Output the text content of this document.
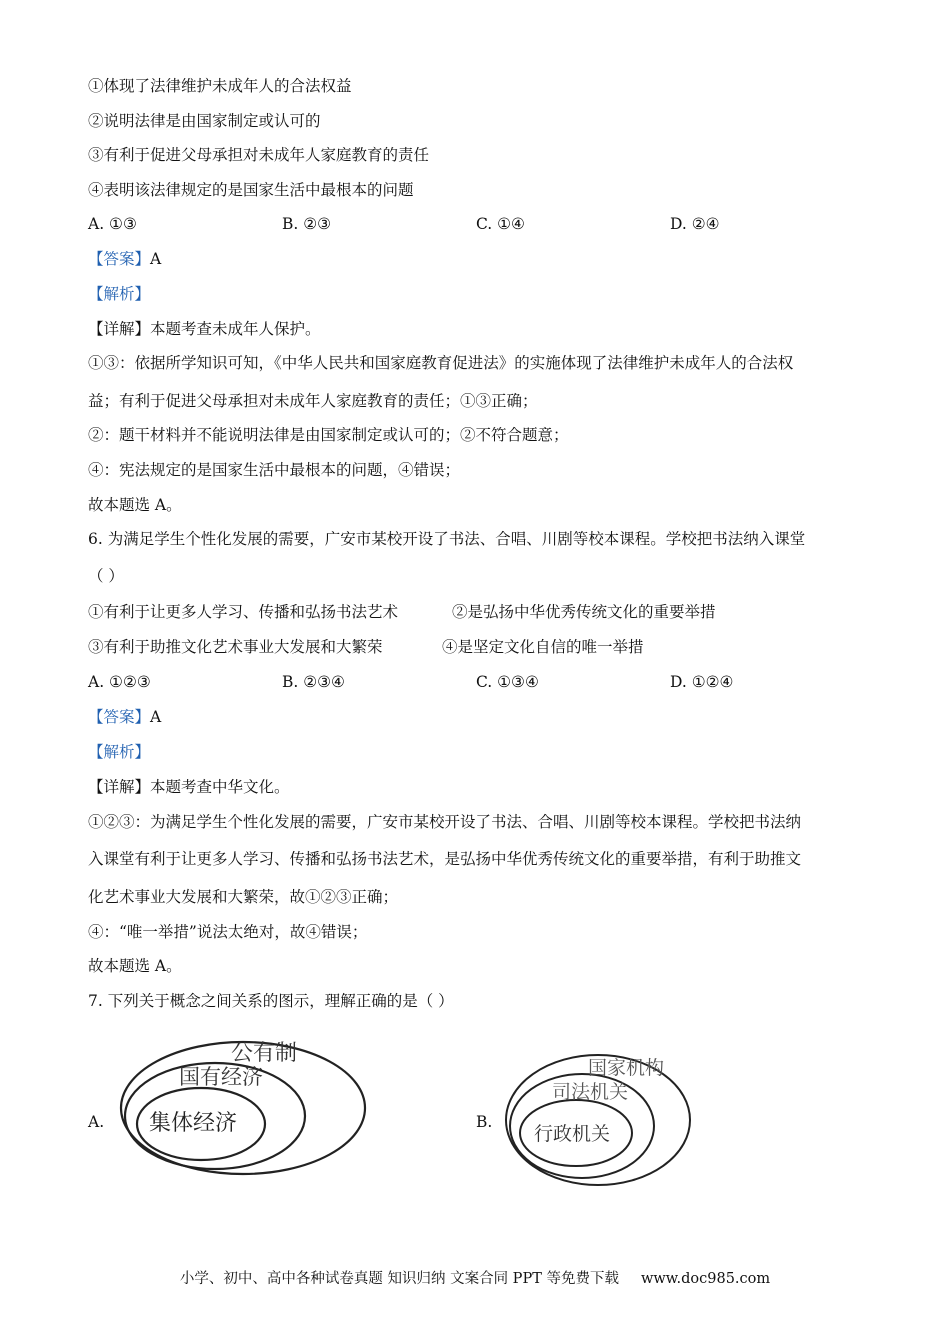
①体现了法律维护未成年人的合法权益
②说明法律是由国家制定或认可的
③有利于促进父母承担对未成年人家庭教育的责任
④表明该法律规定的是国家生活中最根本的问题
A. ①③	B. ②③	C. ①④	D. ②④
【答案】A
【解析】
【详解】本题考查未成年人保护。
①③：依据所学知识可知，《中华人民共和国家庭教育促进法》的实施体现了法律维护未成年人的合法权
益；有利于促进父母承担对未成年人家庭教育的责任；①③正确；
②：题干材料并不能说明法律是由国家制定或认可的；②不符合题意；
④：宪法规定的是国家生活中最根本的问题，④错误；
故本题选 A。
6. 为满足学生个性化发展的需要，广安市某校开设了书法、合唱、川剧等校本课程。学校把书法纳入课堂
（ ）
①有利于让更多人学习、传播和弘扬书法艺术	②是弘扬中华优秀传统文化的重要举措
③有利于助推文化艺术事业大发展和大繁荣	④是坚定文化自信的唯一举措
A. ①②③	B. ②③④	C. ①③④	D. ①②④
【答案】A
【解析】
【详解】本题考查中华文化。
①②③：为满足学生个性化发展的需要，广安市某校开设了书法、合唱、川剧等校本课程。学校把书法纳
入课堂有利于让更多人学习、传播和弘扬书法艺术，是弘扬中华优秀传统文化的重要举措，有利于助推文
化艺术事业大发展和大繁荣，故①②③正确；
④：“唯一举措”说法太绝对，故④错误；
故本题选 A。
7. 下列关于概念之间关系的图示，理解正确的是（ ）
A.
公有制
国有经济
集体经济	B.
国家机构
司法机关
行政机关
小学、初中、高中各种试卷真题 知识归纳 文案合同 PPT 等免费下载 www.doc985.com
